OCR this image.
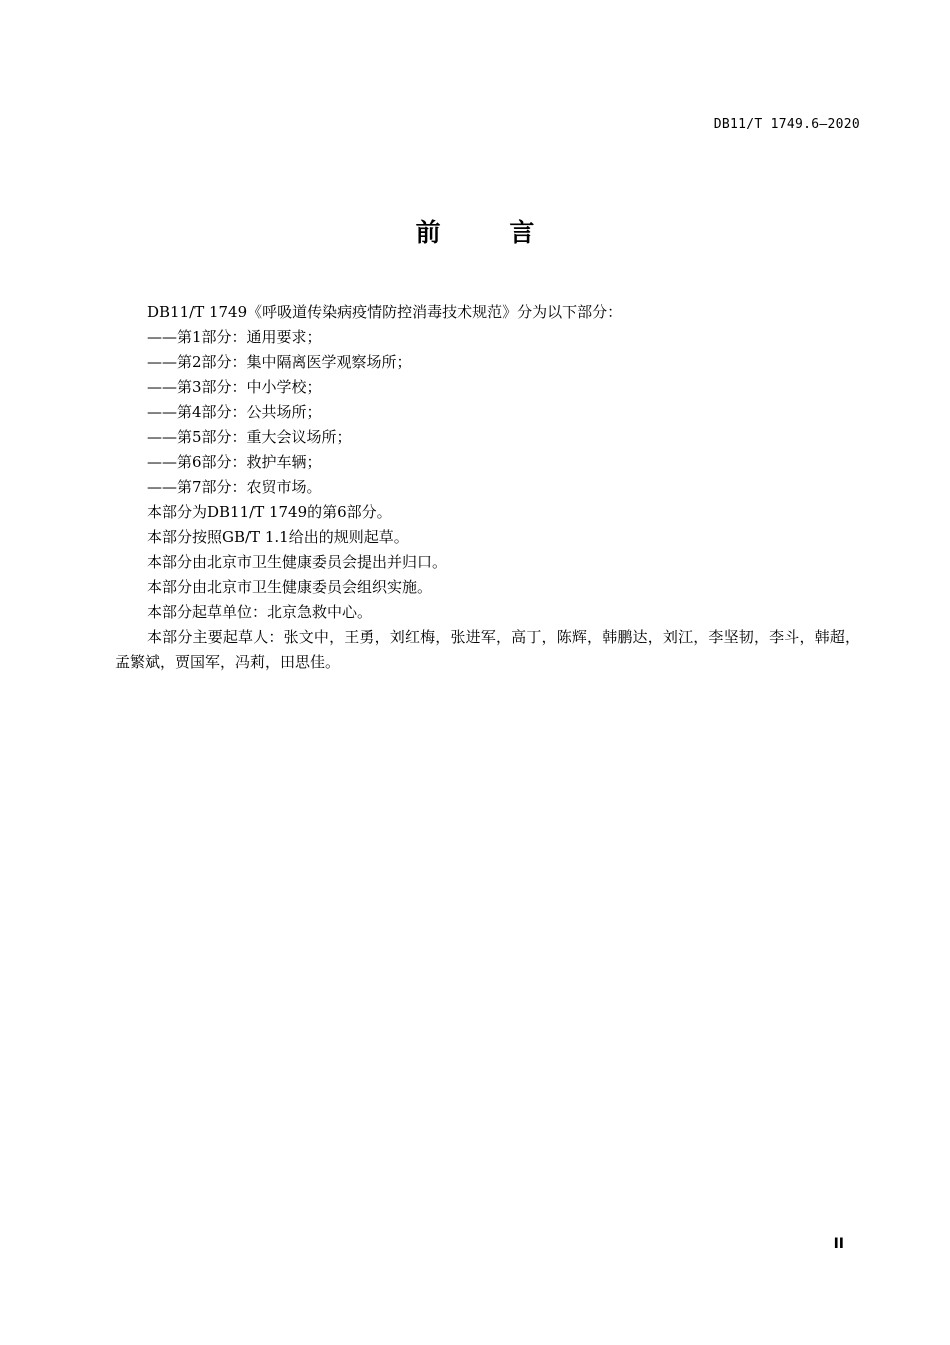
DB11/T 1749.6—2020
前 言

DB11/T 1749《呼吸道传染病疫情防控消毒技术规范》分为以下部分：

——第1部分：通用要求；

——第2部分：集中隔离医学观察场所；

——第3部分：中小学校；

——第4部分：公共场所；

——第5部分：重大会议场所；

——第6部分：救护车辆；

——第7部分：农贸市场。

本部分为DB11/T 1749的第6部分。

本部分按照GB/T 1.1给出的规则起草。

本部分由北京市卫生健康委员会提出并归口。

本部分由北京市卫生健康委员会组织实施。

本部分起草单位：北京急救中心。

本部分主要起草人：张文中，王勇，刘红梅，张进军，高丁，陈辉，韩鹏达，刘江，李坚韧，李斗，韩超，孟繁斌，贾国军，冯莉，田思佳。

II
